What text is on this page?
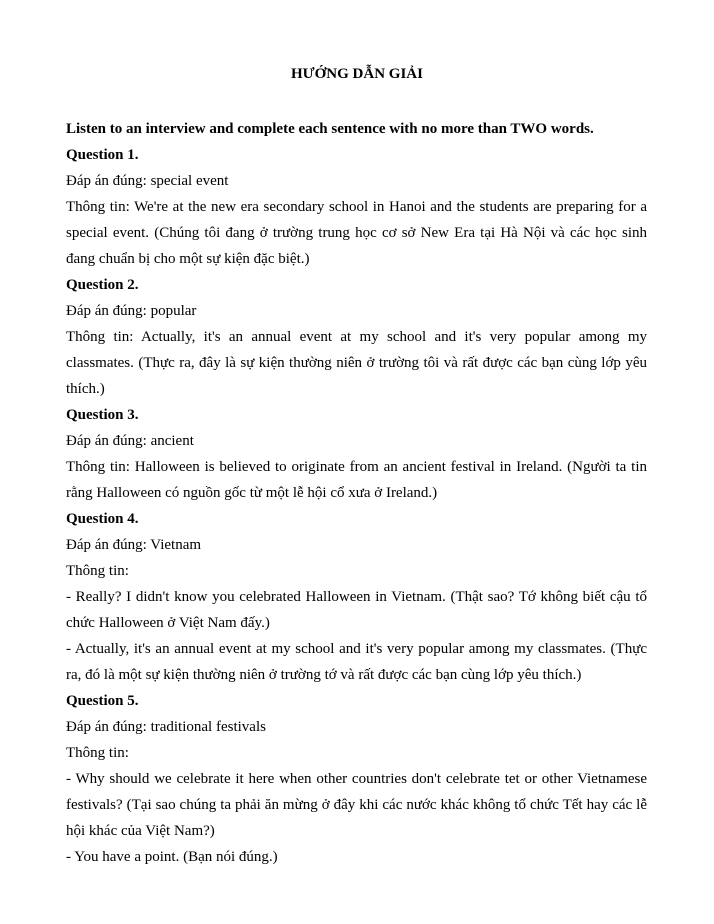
HƯỚNG DẪN GIẢI

Listen to an interview and complete each sentence with no more than TWO words.

Question 1.

Đáp án đúng: special event

Thông tin: We're at the new era secondary school in Hanoi and the students are preparing for a special event. (Chúng tôi đang ở trường trung học cơ sở New Era tại Hà Nội và các học sinh đang chuẩn bị cho một sự kiện đặc biệt.)

Question 2.

Đáp án đúng: popular

Thông tin: Actually, it's an annual event at my school and it's very popular among my classmates. (Thực ra, đây là sự kiện thường niên ở trường tôi và rất được các bạn cùng lớp yêu thích.)

Question 3.

Đáp án đúng: ancient

Thông tin: Halloween is believed to originate from an ancient festival in Ireland. (Người ta tin rằng Halloween có nguồn gốc từ một lễ hội cổ xưa ở Ireland.)

Question 4.

Đáp án đúng: Vietnam

Thông tin:

- Really? I didn't know you celebrated Halloween in Vietnam. (Thật sao? Tớ không biết cậu tổ chức Halloween ở Việt Nam đấy.)

- Actually, it's an annual event at my school and it's very popular among my classmates. (Thực ra, đó là một sự kiện thường niên ở trường tớ và rất được các bạn cùng lớp yêu thích.)

Question 5.

Đáp án đúng: traditional festivals

Thông tin:

- Why should we celebrate it here when other countries don't celebrate tet or other Vietnamese festivals? (Tại sao chúng ta phải ăn mừng ở đây khi các nước khác không tổ chức Tết hay các lễ hội khác của Việt Nam?)

- You have a point. (Bạn nói đúng.)
